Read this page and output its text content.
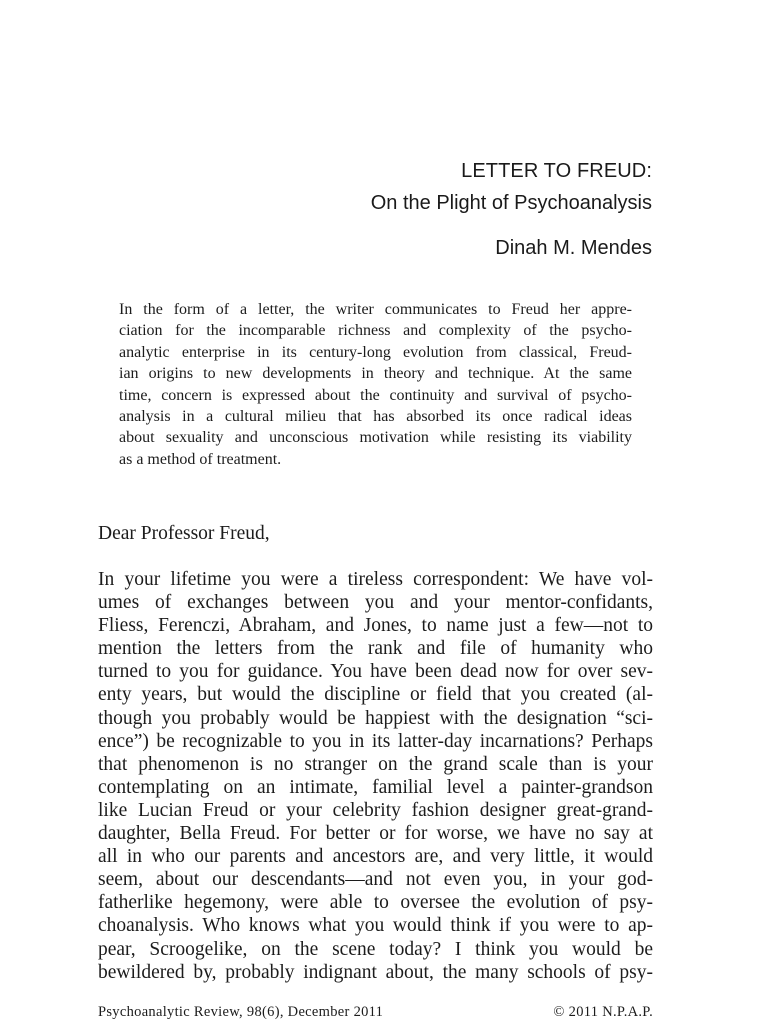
LETTER TO FREUD:
On the Plight of Psychoanalysis
Dinah M. Mendes
In the form of a letter, the writer communicates to Freud her appre-
ciation for the incomparable richness and complexity of the psycho-
analytic enterprise in its century-long evolution from classical, Freud-
ian origins to new developments in theory and technique. At the same
time, concern is expressed about the continuity and survival of psycho-
analysis in a cultural milieu that has absorbed its once radical ideas
about sexuality and unconscious motivation while resisting its viability
as a method of treatment.
Dear Professor Freud,
In your lifetime you were a tireless correspondent: We have vol-
umes of exchanges between you and your mentor-confidants,
Fliess, Ferenczi, Abraham, and Jones, to name just a few—not to
mention the letters from the rank and file of humanity who
turned to you for guidance. You have been dead now for over sev-
enty years, but would the discipline or field that you created (al-
though you probably would be happiest with the designation “sci-
ence”) be recognizable to you in its latter-day incarnations? Perhaps
that phenomenon is no stranger on the grand scale than is your
contemplating on an intimate, familial level a painter-grandson
like Lucian Freud or your celebrity fashion designer great-grand-
daughter, Bella Freud. For better or for worse, we have no say at
all in who our parents and ancestors are, and very little, it would
seem, about our descendants—and not even you, in your god-
fatherlike hegemony, were able to oversee the evolution of psy-
choanalysis. Who knows what you would think if you were to ap-
pear, Scroogelike, on the scene today? I think you would be
bewildered by, probably indignant about, the many schools of psy-
Psychoanalytic Review, 98(6), December 2011	© 2011 N.P.A.P.
